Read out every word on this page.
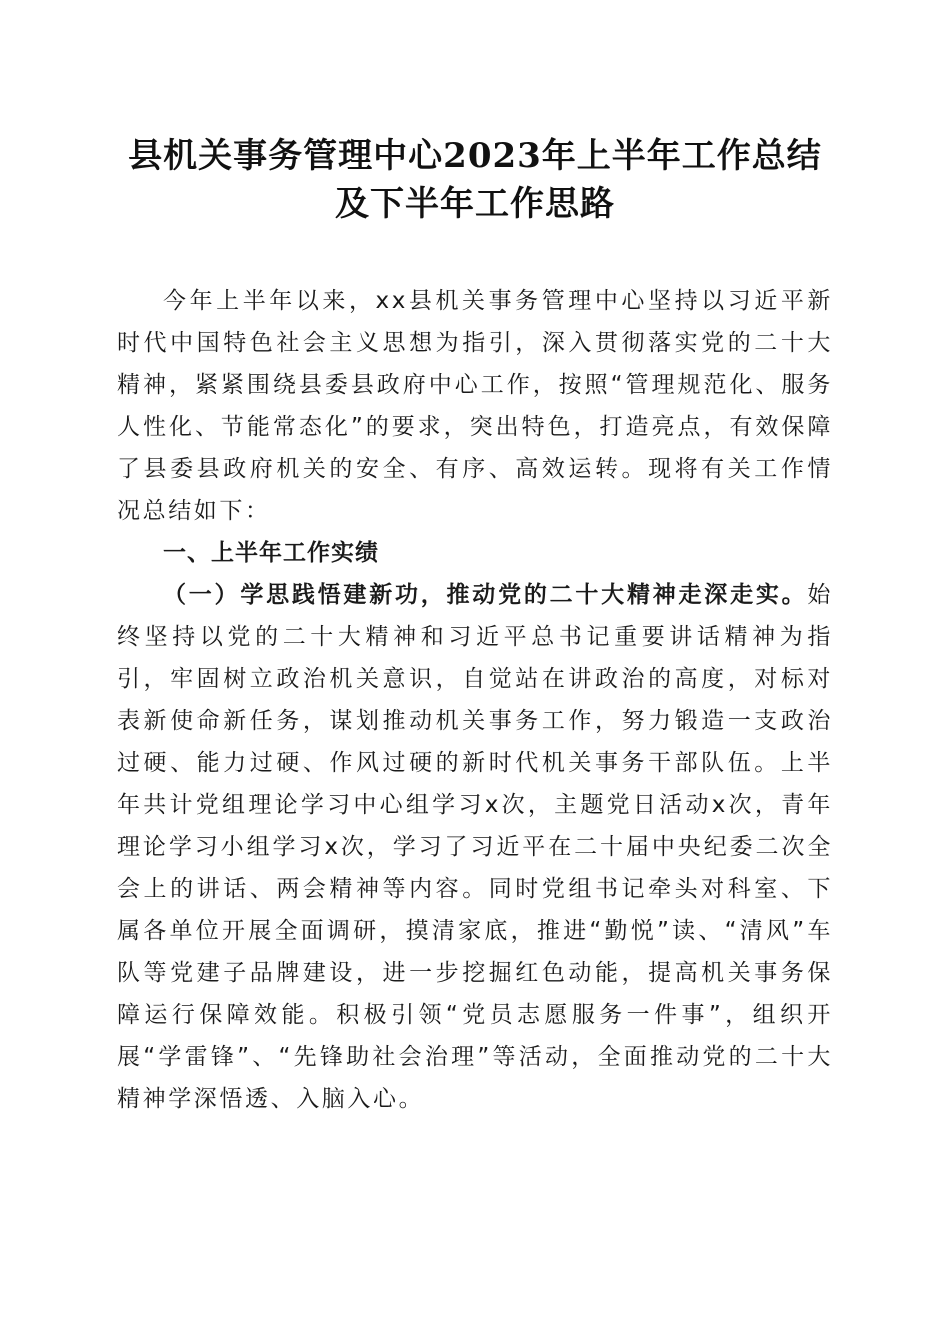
县机关事务管理中心2023年上半年工作总结
及下半年工作思路

今年上半年以来，xx县机关事务管理中心坚持以习近平新时代中国特色社会主义思想为指引，深入贯彻落实党的二十大精神，紧紧围绕县委县政府中心工作，按照“管理规范化、服务人性化、节能常态化”的要求，突出特色，打造亮点，有效保障了县委县政府机关的安全、有序、高效运转。现将有关工作情况总结如下：

一、上半年工作实绩

（一）学思践悟建新功，推动党的二十大精神走深走实。始终坚持以党的二十大精神和习近平总书记重要讲话精神为指引，牢固树立政治机关意识，自觉站在讲政治的高度，对标对表新使命新任务，谋划推动机关事务工作，努力锻造一支政治过硬、能力过硬、作风过硬的新时代机关事务干部队伍。上半年共计党组理论学习中心组学习x次，主题党日活动x次，青年理论学习小组学习x次，学习了习近平在二十届中央纪委二次全会上的讲话、两会精神等内容。同时党组书记牵头对科室、下属各单位开展全面调研，摸清家底，推进“勤悦”读、“清风”车队等党建子品牌建设，进一步挖掘红色动能，提高机关事务保障运行保障效能。积极引领“党员志愿服务一件事”，组织开展“学雷锋”、“先锋助社会治理”等活动，全面推动党的二十大精神学深悟透、入脑入心。
